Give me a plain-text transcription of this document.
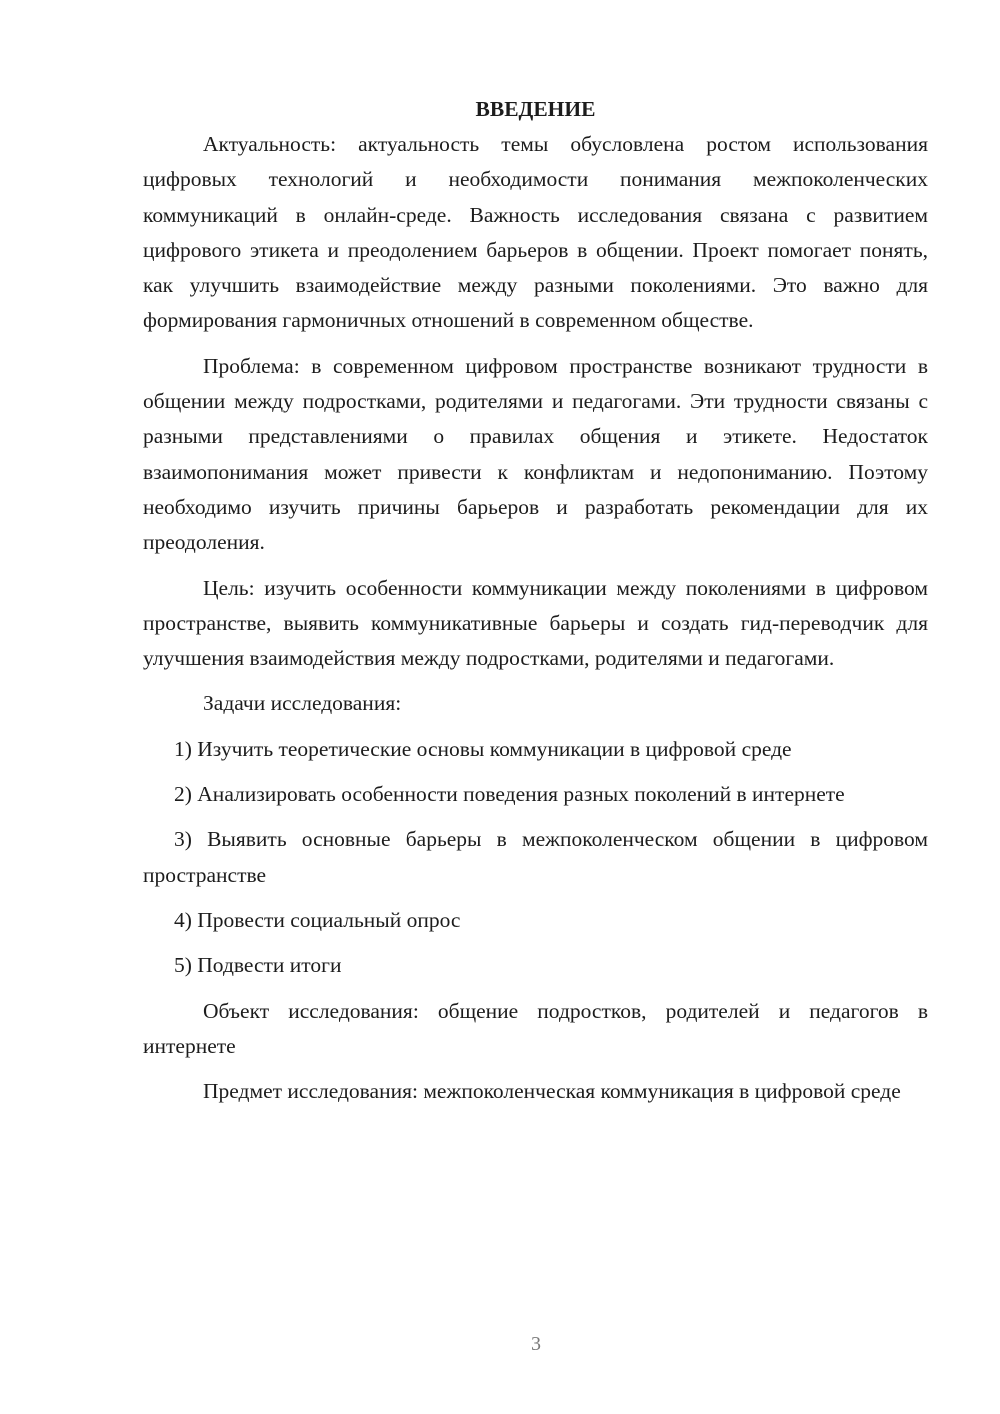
ВВЕДЕНИЕ

Актуальность: актуальность темы обусловлена ростом использования цифровых технологий и необходимости понимания межпоколенческих коммуникаций в онлайн-среде. Важность исследования связана с развитием цифрового этикета и преодолением барьеров в общении. Проект помогает понять, как улучшить взаимодействие между разными поколениями. Это важно для формирования гармоничных отношений в современном обществе.

Проблема: в современном цифровом пространстве возникают трудности в общении между подростками, родителями и педагогами. Эти трудности связаны с разными представлениями о правилах общения и этикете. Недостаток взаимопонимания может привести к конфликтам и недопониманию. Поэтому необходимо изучить причины барьеров и разработать рекомендации для их преодоления.

Цель: изучить особенности коммуникации между поколениями в цифровом пространстве, выявить коммуникативные барьеры и создать гид-переводчик для улучшения взаимодействия между подростками, родителями и педагогами.

Задачи исследования:

1) Изучить теоретические основы коммуникации в цифровой среде

2) Анализировать особенности поведения разных поколений в интернете

3) Выявить основные барьеры в межпоколенческом общении в цифровом пространстве

4) Провести социальный опрос

5) Подвести итоги

Объект исследования: общение подростков, родителей и педагогов в интернете

Предмет исследования: межпоколенческая коммуникация в цифровой среде

3
